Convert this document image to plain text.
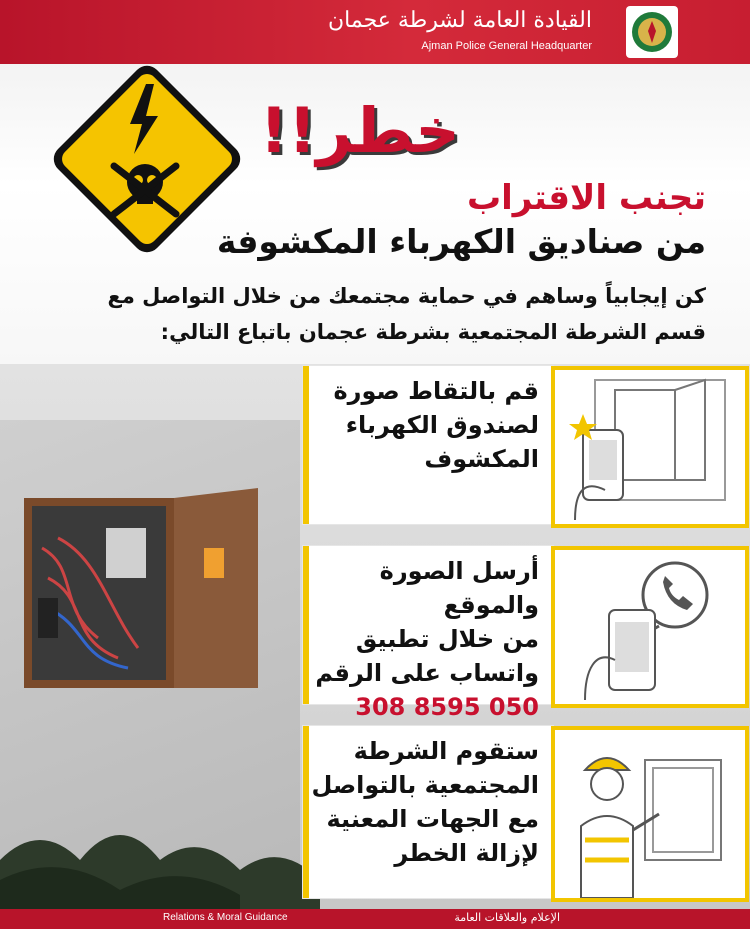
القيادة العامة لشرطة عجمان
Ajman Police General Headquarter
خطر!!
تجنب الاقتراب
من صناديق الكهرباء المكشوفة
كن إيجابياً وساهم في حماية مجتمعك من خلال التواصل مع
قسم الشرطة المجتمعية بشرطة عجمان باتباع التالي:
قم بالتقاط صورة
لصندوق الكهرباء
المكشوف
أرسل الصورة والموقع
من خلال تطبيق
واتساب على الرقم
050 8595 308
ستقوم الشرطة
المجتمعية بالتواصل
مع الجهات المعنية
لإزالة الخطر
Relations & Moral Guidance	الإعلام والعلاقات العامة
